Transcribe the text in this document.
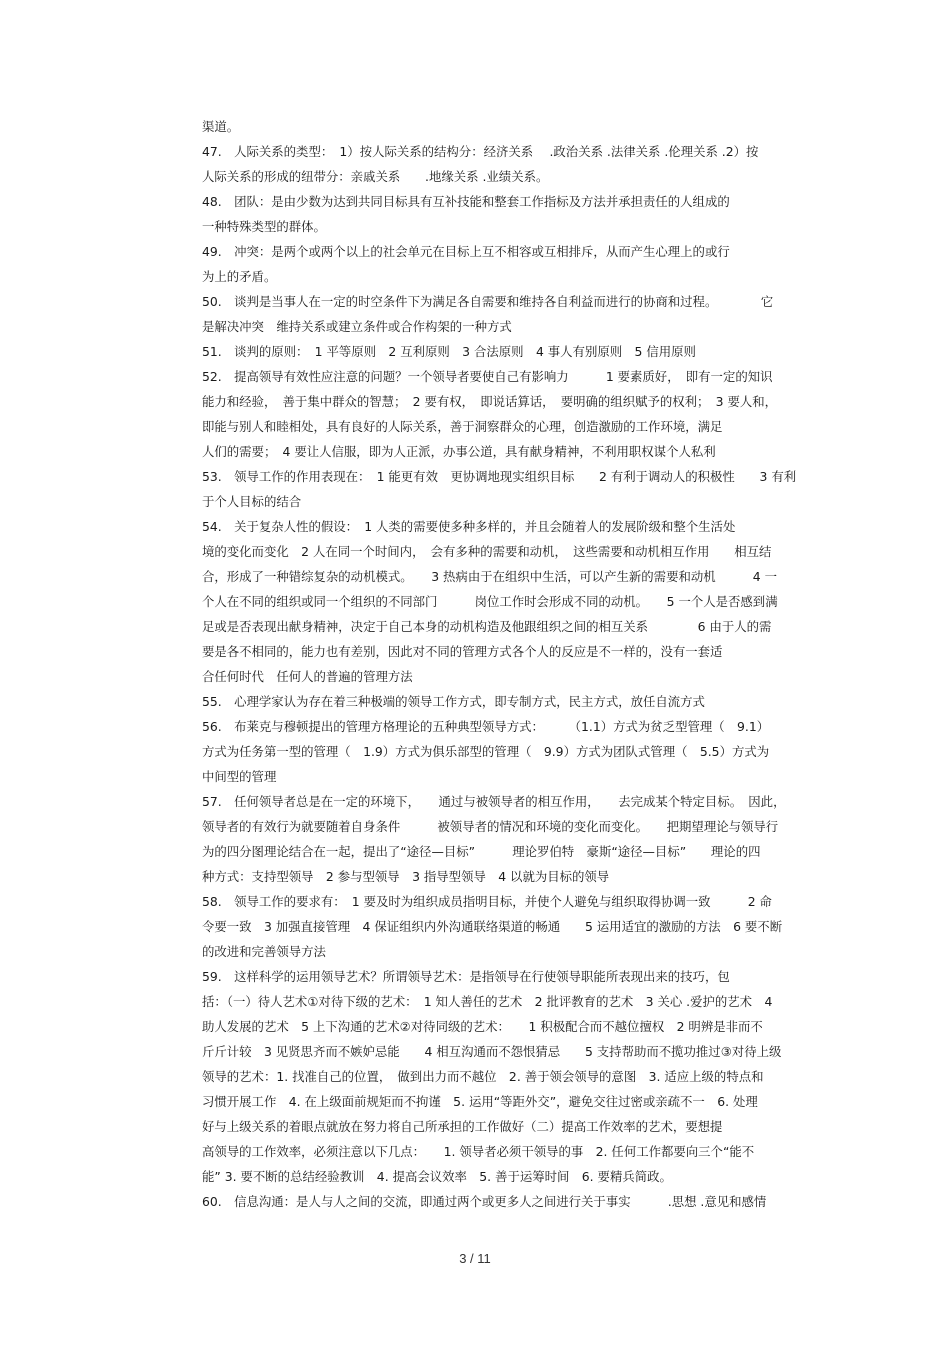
渠道。
47.　人际关系的类型：　1）按人际关系的结构分：经济关系　 .政治关系 .法律关系 .伦理关系 .2）按
人际关系的形成的纽带分：亲戚关系　　.地缘关系 .业绩关系。
48.　团队：是由少数为达到共同目标具有互补技能和整套工作指标及方法并承担责任的人组成的
一种特殊类型的群体。
49.　冲突：是两个或两个以上的社会单元在目标上互不相容或互相排斥，从而产生心理上的或行
为上的矛盾。
50.　谈判是当事人在一定的时空条件下为满足各自需要和维持各自利益而进行的协商和过程。　　　　它
是解决冲突　维持关系或建立条件或合作构架的一种方式
51.　谈判的原则：　1 平等原则　2 互利原则　3 合法原则　4 事人有别原则　5 信用原则
52.　提高领导有效性应注意的问题？一个领导者要使自己有影响力　　　1 要素质好，　即有一定的知识
能力和经验，　善于集中群众的智慧；　2 要有权，　即说话算话，　要明确的组织赋予的权利；　3 要人和，
即能与别人和睦相处，具有良好的人际关系，善于洞察群众的心理，创造激励的工作环境，满足
人们的需要；　4 要让人信服，即为人正派，办事公道，具有献身精神，不利用职权谋个人私利
53.　领导工作的作用表现在：　1 能更有效　更协调地现实组织目标　　2 有利于调动人的积极性　　3 有利
于个人目标的结合
54.　关于复杂人性的假设：　1 人类的需要使多种多样的，并且会随着人的发展阶级和整个生活处
境的变化而变化　2 人在同一个时间内，　会有多种的需要和动机，　这些需要和动机相互作用　　相互结
合，形成了一种错综复杂的动机模式。　　3 热病由于在组织中生活，可以产生新的需要和动机　　　4 一
个人在不同的组织或同一个组织的不同部门　　　岗位工作时会形成不同的动机。　　5 一个人是否感到满
足或是否表现出献身精神，决定于自己本身的动机构造及他跟组织之间的相互关系　　　　6 由于人的需
要是各不相同的，能力也有差别，因此对不同的管理方式各个人的反应是不一样的，没有一套适
合任何时代　任何人的普遍的管理方法
55.　心理学家认为存在着三种极端的领导工作方式，即专制方式，民主方式，放任自流方式
56.　布莱克与穆顿提出的管理方格理论的五种典型领导方式：　　　（1.1）方式为贫乏型管理（　9.1）
方式为任务第一型的管理（　1.9）方式为俱乐部型的管理（　9.9）方式为团队式管理（　5.5）方式为
中间型的管理
57.　任何领导者总是在一定的环境下，　　通过与被领导者的相互作用，　　去完成某个特定目标。　因此，
领导者的有效行为就要随着自身条件　　　被领导者的情况和环境的变化而变化。　　把期望理论与领导行
为的四分图理论结合在一起，提出了“途径—目标”　　　理论罗伯特　豪斯“途径—目标”　　理论的四
种方式：支持型领导　2 参与型领导　3 指导型领导　4 以就为目标的领导
58.　领导工作的要求有：　1 要及时为组织成员指明目标，并使个人避免与组织取得协调一致　　　2 命
令要一致　3 加强直接管理　4 保证组织内外沟通联络渠道的畅通　　5 运用适宜的激励的方法　6 要不断
的改进和完善领导方法
59.　这样科学的运用领导艺术？所谓领导艺术：是指领导在行使领导职能所表现出来的技巧，包
括：（一）待人艺术①对待下级的艺术：　1 知人善任的艺术　2 批评教育的艺术　3 关心 .爱护的艺术　4
助人发展的艺术　5 上下沟通的艺术②对待同级的艺术：　　1 积极配合而不越位擅权　2 明辨是非而不
斤斤计较　3 见贤思齐而不嫉妒忌能　　4 相互沟通而不怨恨猜忌　　5 支持帮助而不揽功推过③对待上级
领导的艺术：1. 找准自己的位置，　做到出力而不越位　2. 善于领会领导的意图　3. 适应上级的特点和
习惯开展工作　4. 在上级面前规矩而不拘谨　5. 运用“等距外交”，避免交往过密或亲疏不一　6. 处理
好与上级关系的着眼点就放在努力将自己所承担的工作做好（二）提高工作效率的艺术，要想提
高领导的工作效率，必须注意以下几点：　　1. 领导者必须干领导的事　2. 任何工作都要向三个“能不
能” 3. 要不断的总结经验教训　4. 提高会议效率　5. 善于运筹时间　6. 要精兵简政。
60.　信息沟通：是人与人之间的交流，即通过两个或更多人之间进行关于事实　　　.思想 .意见和感情
3 / 11
